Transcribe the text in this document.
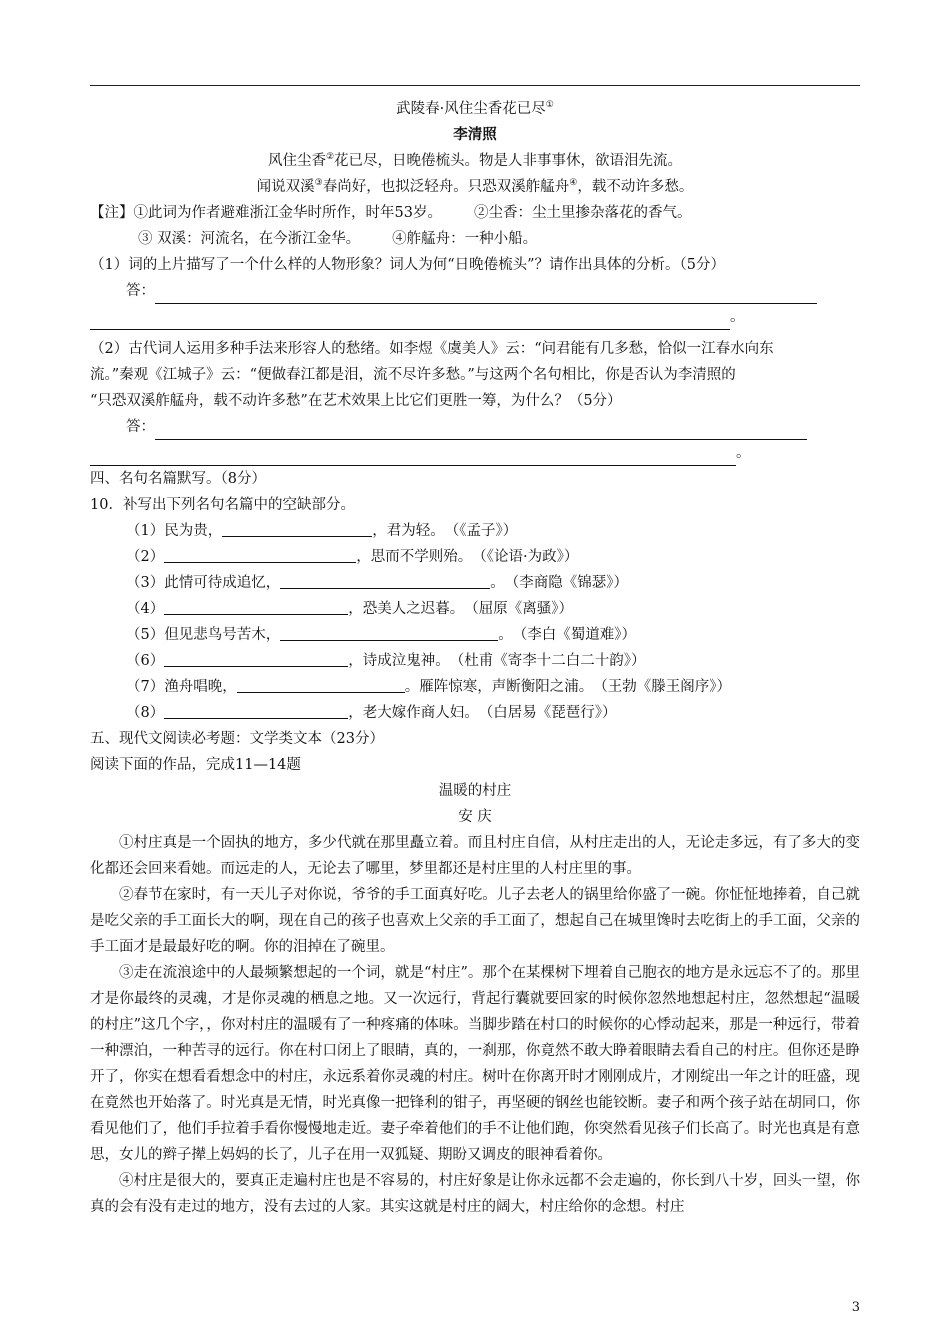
武陵春·风住尘香花已尽①
李清照
风住尘香②花已尽，日晚倦梳头。物是人非事事休，欲语泪先流。
闻说双溪③春尚好，也拟泛轻舟。只恐双溪舴艋舟④，载不动许多愁。
【注】①此词为作者避难浙江金华时所作，时年53岁。 ②尘香：尘土里掺杂落花的香气。
③ 双溪：河流名，在今浙江金华。 ④舴艋舟：一种小船。
（1）词的上片描写了一个什么样的人物形象？词人为何“日晚倦梳头”？请作出具体的分析。（5分）
答：
。
（2）古代词人运用多种手法来形容人的愁绪。如李煜《虞美人》云：“问君能有几多愁，恰似一江春水向东
流。”秦观《江城子》云：“便做春江都是泪，流不尽许多愁。”与这两个名句相比，你是否认为李清照的
“只恐双溪舴艋舟，载不动许多愁”在艺术效果上比它们更胜一筹，为什么？（5分）
答：
。
四、名句名篇默写。（8分）
10．补写出下列名句名篇中的空缺部分。
（1）民为贵，	，君为轻。　 （《孟子》）
（2）	，思而不学则殆。　 （《论语·为政》）
（3）此情可待成追忆，	。　 （李商隐《锦瑟》）
（4）	，恐美人之迟暮。　 （屈原《离骚》）
（5）但见悲鸟号苦木，	。　 （李白《蜀道难》）
（6）	，诗成泣鬼神。　 （杜甫《寄李十二白二十韵》）
（7）渔舟唱晚，	。雁阵惊寒，声断衡阳之浦。　 （王勃《滕王阁序》）
（8）	，老大嫁作商人妇。　 （白居易《琵琶行》）
五、现代文阅读必考题：文学类文本（23分）
阅读下面的作品，完成11—14题
温暖的村庄
安 庆

①村庄真是一个固执的地方，多少代就在那里矗立着。而且村庄自信，从村庄走出的人，无论走多远，有了多大的变化都还会回来看她。而远走的人，无论去了哪里，梦里都还是村庄里的人村庄里的事。

②春节在家时，有一天儿子对你说，爷爷的手工面真好吃。儿子去老人的锅里给你盛了一碗。你怔怔地捧着，自己就是吃父亲的手工面长大的啊，现在自己的孩子也喜欢上父亲的手工面了，想起自己在城里馋时去吃街上的手工面，父亲的手工面才是最最好吃的啊。你的泪掉在了碗里。

③走在流浪途中的人最频繁想起的一个词，就是“村庄”。那个在某棵树下埋着自己胞衣的地方是永远忘不了的。那里才是你最终的灵魂，才是你灵魂的栖息之地。又一次远行，背起行囊就要回家的时候你忽然地想起村庄，忽然想起“温暖的村庄”这几个字，，你对村庄的温暖有了一种疼痛的体味。当脚步踏在村口的时候你的心悸动起来，那是一种远行，带着一种漂泊，一种苦寻的远行。你在村口闭上了眼睛，真的，一刹那，你竟然不敢大睁着眼睛去看自己的村庄。但你还是睁开了，你实在想看看想念中的村庄，永远系着你灵魂的村庄。树叶在你离开时才刚刚成片，才刚绽出一年之计的旺盛，现在竟然也开始落了。时光真是无情，时光真像一把锋利的钳子，再坚硬的钢丝也能铰断。妻子和两个孩子站在胡同口，你看见他们了，他们手拉着手看你慢慢地走近。妻子牵着他们的手不让他们跑，你突然看见孩子们长高了。时光也真是有意思，女儿的辫子撵上妈妈的长了，儿子在用一双狐疑、期盼又调皮的眼神看着你。

④村庄是很大的，要真正走遍村庄也是不容易的，村庄好象是让你永远都不会走遍的，你长到八十岁，回头一望，你真的会有没有走过的地方，没有去过的人家。其实这就是村庄的阔大，村庄给你的念想。村庄

3
